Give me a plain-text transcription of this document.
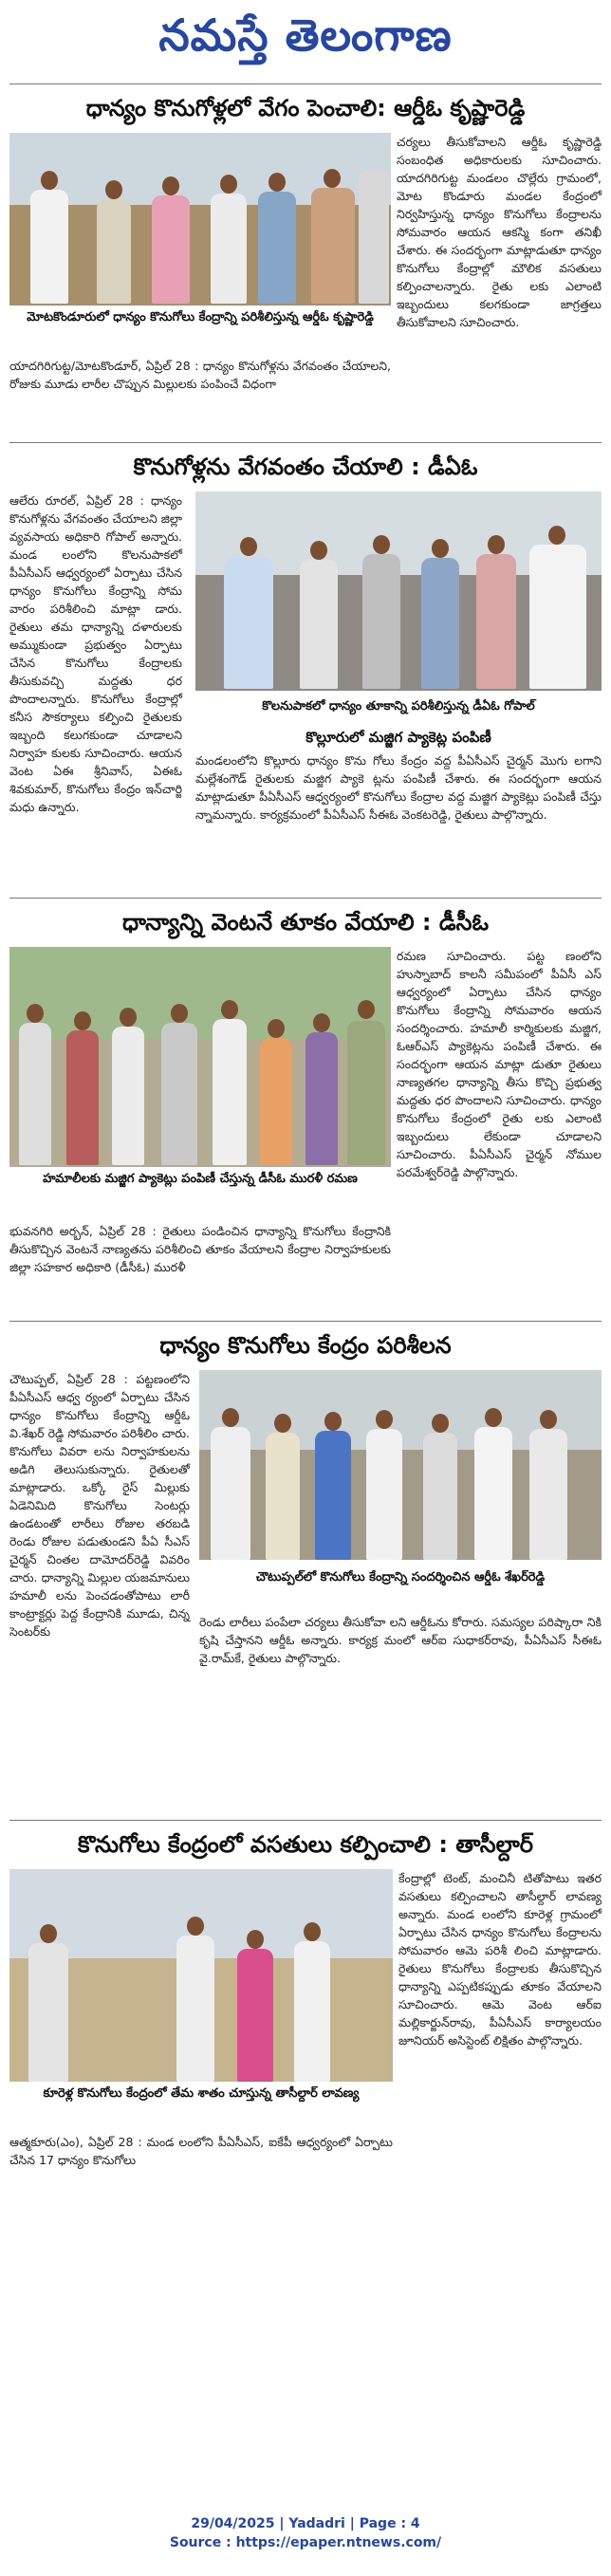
నమస్తే తెలంగాణ
ధాన్యం కొనుగోళ్లలో వేగం పెంచాలి: ఆర్డీఓ కృష్ణారెడ్డి
మోటకొండూరులో ధాన్యం కొనుగోలు కేంద్రాన్ని పరిశీలిస్తున్న ఆర్డీఓ కృష్ణారెడ్డి
చర్యలు తీసుకోవాలని ఆర్డీఓ కృష్ణారెడ్డి సంబంధిత అధికారులకు సూచించారు. యాదగిరిగుట్ట మండలం చొల్లేరు గ్రామంలో, మోట కొండూరు మండల కేంద్రంలో నిర్వహిస్తున్న ధాన్యం కొనుగోలు కేంద్రాలను సోమవారం ఆయన ఆకస్మి కంగా తనిఖీ చేశారు. ఈ సందర్భంగా మాట్లాడుతూ ధాన్యం కొనుగోలు కేంద్రాల్లో మౌలిక వసతులు కల్పించాలన్నారు. రైతు లకు ఎలాంటి ఇబ్బందులు కలగకుండా జాగ్రత్తలు తీసుకోవాలని సూచించారు.
యాదగిరిగుట్ట/మోటకొండూర్, ఏప్రిల్ 28 : ధాన్యం కొనుగోళ్లను వేగవంతం చేయాలని, రోజుకు మూడు లారీల చొప్పున మిల్లులకు పంపించే విధంగా
కొనుగోళ్లను వేగవంతం చేయాలి : డీఏఓ
ఆలేరు రూరల్, ఏప్రిల్ 28 : ధాన్యం కొనుగోళ్లను వేగవంతం చేయాలని జిల్లా వ్యవసాయ అధికారి గోపాల్ అన్నారు. మండ లంలోని కొలనుపాకలో పీఏసీఎస్ ఆధ్వర్యంలో ఏర్పాటు చేసిన ధాన్యం కొనుగోలు కేంద్రాన్ని సోమ వారం పరిశీలించి మాట్లా డారు. రైతులు తమ ధాన్యాన్ని దళారులకు అమ్ముకుండా ప్రభుత్వం ఏర్పాటు చేసిన కొనుగోలు కేంద్రాలకు తీసుకువచ్చి మద్దతు ధర పొందాలన్నారు. కొనుగోలు కేంద్రాల్లో కనీస సౌకర్యాలు కల్పించి రైతులకు ఇబ్బంది కలుగకుండా చూడాలని నిర్వాహ కులకు సూచించారు. ఆయన వెంట ఏఈ శ్రీనివాస్, ఏఈఓ శివకుమార్, కొనుగోలు కేంద్రం ఇన్‌చార్జి మధు ఉన్నారు.
కొలనుపాకలో ధాన్యం తూకాన్ని పరిశీలిస్తున్న డీఏఓ గోపాల్
కొల్లూరులో మజ్జిగ ప్యాకెట్ల పంపిణీ
మండలంలోని కొల్లూరు ధాన్యం కొను గోలు కేంద్రం వద్ద పీఏసీఎస్ చైర్మన్ మొగు లగాని మల్లేశంగౌడ్ రైతులకు మజ్జిగ ప్యాకె ట్లను పంపిణీ చేశారు. ఈ సందర్భంగా ఆయన మాట్లాడుతూ పీఏసీఎస్ ఆధ్వర్యంలో కొనుగోలు కేంద్రాల వద్ద మజ్జిగ ప్యాకెట్లు పంపిణీ చేస్తు న్నామన్నారు. కార్యక్రమంలో పీఏసీఎస్ సీఈఓ వెంకటరెడ్డి, రైతులు పాల్గొన్నారు.
ధాన్యాన్ని వెంటనే తూకం వేయాలి : డీసీఓ
హమాలీలకు మజ్జిగ ప్యాకెట్లు పంపిణీ చేస్తున్న డీసీఓ మురళీ రమణ
రమణ సూచించారు. పట్ట ణంలోని హుస్నాబాద్ కాలనీ సమీపంలో పీఏసీ ఎస్ ఆధ్వర్యంలో ఏర్పాటు చేసిన ధాన్యం కొనుగోలు కేంద్రాన్ని సోమవారం ఆయన సందర్శించారు. హమాలీ కార్మికులకు మజ్జిగ, ఓఆర్ఎస్ ప్యాకెట్లను పంపిణీ చేశారు. ఈ సందర్భంగా ఆయన మాట్లా డుతూ రైతులు నాణ్యతగల ధాన్యాన్ని తీసు కొచ్చి ప్రభుత్వ మద్దతు ధర పొందాలని సూచించారు. ధాన్యం కొనుగోలు కేంద్రంలో రైతు లకు ఎలాంటి ఇబ్బందులు లేకుండా చూడాలని సూచించారు. పీఏసీఎస్ చైర్మన్ నోముల పరమేశ్వర్‌రెడ్డి పాల్గొన్నారు.
భువనగిరి అర్బన్, ఏప్రిల్ 28 : రైతులు పండించిన ధాన్యాన్ని కొనుగోలు కేంద్రానికి తీసుకొచ్చిన వెంటనే నాణ్యతను పరిశీలించి తూకం వేయాలని కేంద్రాల నిర్వాహకులకు జిల్లా సహకార అధికారి (డీసీఓ) మురళీ
ధాన్యం కొనుగోలు కేంద్రం పరిశీలన
చౌటుప్పల్, ఏప్రిల్ 28 : పట్టణంలోని పీఏసీఎస్ ఆధ్వ ర్యంలో ఏర్పాటు చేసిన ధాన్యం కొనుగోలు కేంద్రాన్ని ఆర్డీఓ వి.శేఖర్ రెడ్డి సోమవారం పరిశీలిం చారు. కొనుగోలు వివరా లను నిర్వాహకులను అడిగి తెలుసుకున్నారు. రైతులతో మాట్లాడారు. ఒక్కో రైస్ మిల్లుకు ఏడెనిమిది కొనుగోలు సెంటర్లు ఉండటంతో లారీలు రోజుల తరబడి రెండు రోజుల పడుతుండని పీఏ సీఎస్ చైర్మన్ చింతల దామోదర్‌రెడ్డి వివరిం చారు. ధాన్యాన్ని మిల్లుల యజమానులు హమాలీ లను పెంచడంతోపాటు లారీ కాంట్రాక్టర్లు పెద్ద కేంద్రానికి మూడు, చిన్న సెంటర్‌కు
చౌటుప్పల్‌లో కొనుగోలు కేంద్రాన్ని సందర్శించిన ఆర్డీఓ శేఖర్‌రెడ్డి
రెండు లారీలు పంపేలా చర్యలు తీసుకోవా లని ఆర్డీఓను కోరారు. సమస్యల పరిష్కారా నికి కృషి చేస్తానని ఆర్డీఓ అన్నారు. కార్యక్ర మంలో ఆర్ఐ సుధాకర్‌రావు, పీఏసీఎస్ సీఈఓ వై.రామ్‌కే, రైతులు పాల్గొన్నారు.
కొనుగోలు కేంద్రంలో వసతులు కల్పించాలి : తాసీల్దార్
కూరెళ్ల కొనుగోలు కేంద్రంలో తేమ శాతం చూస్తున్న తాసీల్దార్ లావణ్య
కేంద్రాల్లో టెంట్, మంచినీ టితోపాటు ఇతర వసతులు కల్పించాలని తాసీల్దార్ లావణ్య అన్నారు. మండ లంలోని కూరెళ్ల గ్రామంలో ఏర్పాటు చేసిన ధాన్యం కొనుగోలు కేంద్రాలను సోమవారం ఆమె పరిశీ లించి మాట్లాడారు. రైతులు కొనుగోలు కేంద్రాలకు తీసుకొచ్చిన ధాన్యాన్ని ఎప్పటికప్పుడు తూకం వేయాలని సూచించారు. ఆమె వెంట ఆర్ఐ మల్లికార్జున్‌రావు, పీఏసీఎస్ కార్యాలయం జూనియర్ అసిస్టెంట్ లిక్షితం పాల్గొన్నారు.
ఆత్మకూరు(ఎం), ఏప్రిల్ 28 : మండ లంలోని పీఏసీఎస్, ఐకేపీ ఆధ్వర్యంలో ఏర్పాటు చేసిన 17 ధాన్యం కొనుగోలు
29/04/2025 | Yadadri | Page : 4
Source : https://epaper.ntnews.com/
